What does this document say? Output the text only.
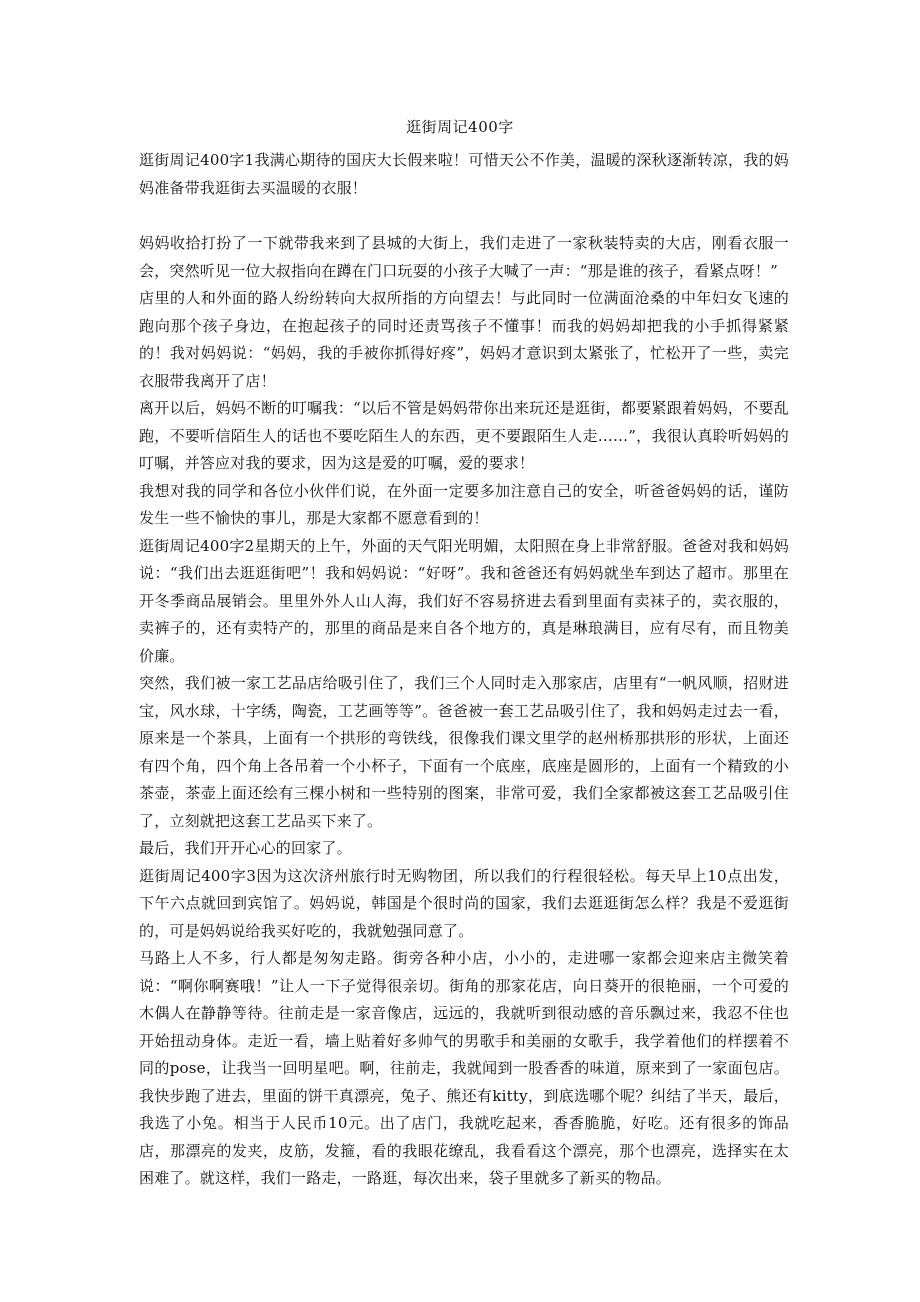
逛街周记400字

逛街周记400字1我满心期待的国庆大长假来啦！可惜天公不作美，温暖的深秋逐渐转凉，我的妈妈准备带我逛街去买温暖的衣服！

妈妈收拾打扮了一下就带我来到了县城的大街上，我们走进了一家秋装特卖的大店，刚看衣服一会，突然听见一位大叔指向在蹲在门口玩耍的小孩子大喊了一声：“那是谁的孩子，看紧点呀！”

店里的人和外面的路人纷纷转向大叔所指的方向望去！与此同时一位满面沧桑的中年妇女飞速的跑向那个孩子身边，在抱起孩子的同时还责骂孩子不懂事！而我的妈妈却把我的小手抓得紧紧的！我对妈妈说：“妈妈，我的手被你抓得好疼”，妈妈才意识到太紧张了，忙松开了一些，卖完衣服带我离开了店！

离开以后，妈妈不断的叮嘱我：“以后不管是妈妈带你出来玩还是逛街，都要紧跟着妈妈，不要乱跑，不要听信陌生人的话也不要吃陌生人的东西，更不要跟陌生人走……”，我很认真聆听妈妈的叮嘱，并答应对我的要求，因为这是爱的叮嘱，爱的要求！

我想对我的同学和各位小伙伴们说，在外面一定要多加注意自己的安全，听爸爸妈妈的话，谨防发生一些不愉快的事儿，那是大家都不愿意看到的！

逛街周记400字2星期天的上午，外面的天气阳光明媚，太阳照在身上非常舒服。爸爸对我和妈妈说：“我们出去逛逛街吧”！我和妈妈说：“好呀”。我和爸爸还有妈妈就坐车到达了超市。那里在开冬季商品展销会。里里外外人山人海，我们好不容易挤进去看到里面有卖袜子的，卖衣服的，卖裤子的，还有卖特产的，那里的商品是来自各个地方的，真是琳琅满目，应有尽有，而且物美价廉。

突然，我们被一家工艺品店给吸引住了，我们三个人同时走入那家店，店里有“一帆风顺，招财进宝，风水球，十字绣，陶瓷，工艺画等等”。爸爸被一套工艺品吸引住了，我和妈妈走过去一看，原来是一个茶具，上面有一个拱形的弯铁线，很像我们课文里学的赵州桥那拱形的形状，上面还有四个角，四个角上各吊着一个小杯子，下面有一个底座，底座是圆形的，上面有一个精致的小茶壶，茶壶上面还绘有三棵小树和一些特别的图案，非常可爱，我们全家都被这套工艺品吸引住了，立刻就把这套工艺品买下来了。

最后，我们开开心心的回家了。

逛街周记400字3因为这次济州旅行时无购物团，所以我们的行程很轻松。每天早上10点出发，下午六点就回到宾馆了。妈妈说，韩国是个很时尚的国家，我们去逛逛街怎么样？我是不爱逛街的，可是妈妈说给我买好吃的，我就勉强同意了。

马路上人不多，行人都是匆匆走路。街旁各种小店，小小的，走进哪一家都会迎来店主微笑着说：“啊你啊赛哦！”让人一下子觉得很亲切。街角的那家花店，向日葵开的很艳丽，一个可爱的木偶人在静静等待。往前走是一家音像店，远远的，我就听到很动感的音乐飘过来，我忍不住也开始扭动身体。走近一看，墙上贴着好多帅气的男歌手和美丽的女歌手，我学着他们的样摆着不同的pose，让我当一回明星吧。啊，往前走，我就闻到一股香香的味道，原来到了一家面包店。我快步跑了进去，里面的饼干真漂亮，兔子、熊还有kitty，到底选哪个呢？纠结了半天，最后，我选了小兔。相当于人民币10元。出了店门，我就吃起来，香香脆脆，好吃。还有很多的饰品店，那漂亮的发夹，皮筋，发箍，看的我眼花缭乱，我看看这个漂亮，那个也漂亮，选择实在太困难了。就这样，我们一路走，一路逛，每次出来，袋子里就多了新买的物品。
